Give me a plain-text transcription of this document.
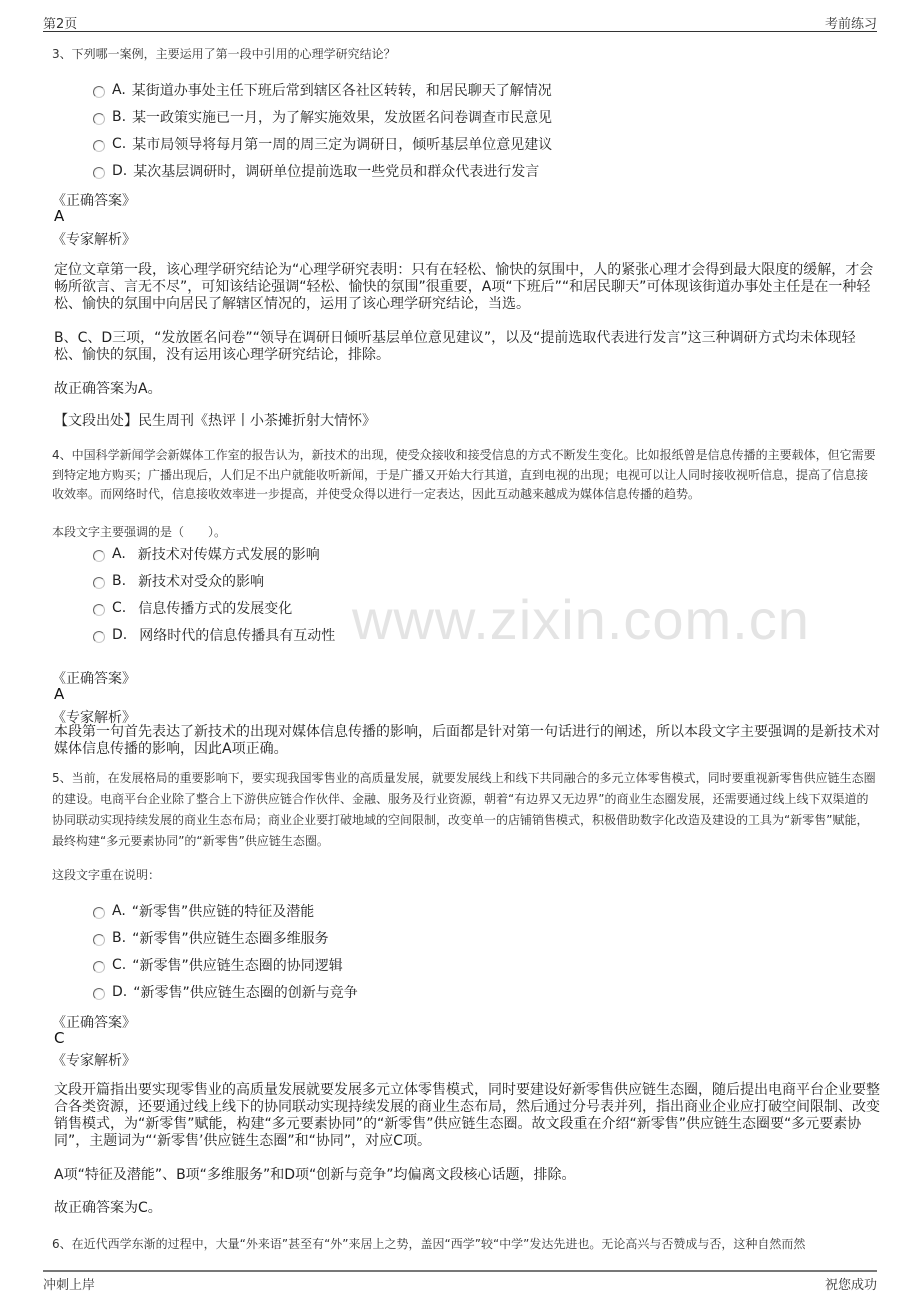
第2页	考前练习
www.zixin.com.cn
3、下列哪一案例，主要运用了第一段中引用的心理学研究结论？
A. 某街道办事处主任下班后常到辖区各社区转转，和居民聊天了解情况
B. 某一政策实施已一月，为了解实施效果，发放匿名问卷调查市民意见
C. 某市局领导将每月第一周的周三定为调研日，倾听基层单位意见建议
D. 某次基层调研时，调研单位提前选取一些党员和群众代表进行发言
《正确答案》
A
《专家解析》
定位文章第一段，该心理学研究结论为“心理学研究表明：只有在轻松、愉快的氛围中，人的紧张心理才会得到最大限度的缓解，才会畅所欲言、言无不尽”，可知该结论强调“轻松、愉快的氛围”很重要，A项“下班后”“和居民聊天”可体现该街道办事处主任是在一种轻松、愉快的氛围中向居民了解辖区情况的，运用了该心理学研究结论，当选。
B、C、D三项，“发放匿名问卷”“领导在调研日倾听基层单位意见建议”，以及“提前选取代表进行发言”这三种调研方式均未体现轻松、愉快的氛围，没有运用该心理学研究结论，排除。
故正确答案为A。
【文段出处】民生周刊《热评丨小茶摊折射大情怀》
4、中国科学新闻学会新媒体工作室的报告认为，新技术的出现，使受众接收和接受信息的方式不断发生变化。比如报纸曾是信息传播的主要载体，但它需要到特定地方购买；广播出现后，人们足不出户就能收听新闻，于是广播又开始大行其道，直到电视的出现；电视可以让人同时接收视听信息，提高了信息接收效率。而网络时代，信息接收效率进一步提高，并使受众得以进行一定表达，因此互动越来越成为媒体信息传播的趋势。
本段文字主要强调的是（　　）。
A. 新技术对传媒方式发展的影响
B. 新技术对受众的影响
C. 信息传播方式的发展变化
D. 网络时代的信息传播具有互动性
《正确答案》
A
《专家解析》
本段第一句首先表达了新技术的出现对媒体信息传播的影响，后面都是针对第一句话进行的阐述，所以本段文字主要强调的是新技术对媒体信息传播的影响，因此A项正确。
5、当前，在发展格局的重要影响下，要实现我国零售业的高质量发展，就要发展线上和线下共同融合的多元立体零售模式，同时要重视新零售供应链生态圈的建设。电商平台企业除了整合上下游供应链合作伙伴、金融、服务及行业资源，朝着“有边界又无边界”的商业生态圈发展，还需要通过线上线下双渠道的协同联动实现持续发展的商业生态布局；商业企业要打破地域的空间限制，改变单一的店铺销售模式，积极借助数字化改造及建设的工具为“新零售”赋能，最终构建“多元要素协同”的“新零售”供应链生态圈。
这段文字重在说明：
A. “新零售”供应链的特征及潜能
B. “新零售”供应链生态圈多维服务
C. “新零售”供应链生态圈的协同逻辑
D. “新零售”供应链生态圈的创新与竞争
《正确答案》
C
《专家解析》
文段开篇指出要实现零售业的高质量发展就要发展多元立体零售模式，同时要建设好新零售供应链生态圈，随后提出电商平台企业要整合各类资源，还要通过线上线下的协同联动实现持续发展的商业生态布局，然后通过分号表并列，指出商业企业应打破空间限制、改变销售模式，为“新零售”赋能，构建“多元要素协同”的“新零售”供应链生态圈。故文段重在介绍“新零售”供应链生态圈要“多元要素协同”，主题词为“‘新零售’供应链生态圈”和“协同”，对应C项。
A项“特征及潜能”、B项“多维服务”和D项“创新与竞争”均偏离文段核心话题，排除。
故正确答案为C。
6、在近代西学东渐的过程中，大量“外来语”甚至有“外”来居上之势，盖因“西学”较“中学”发达先进也。无论高兴与否赞成与否，这种自然而然
冲刺上岸	祝您成功
